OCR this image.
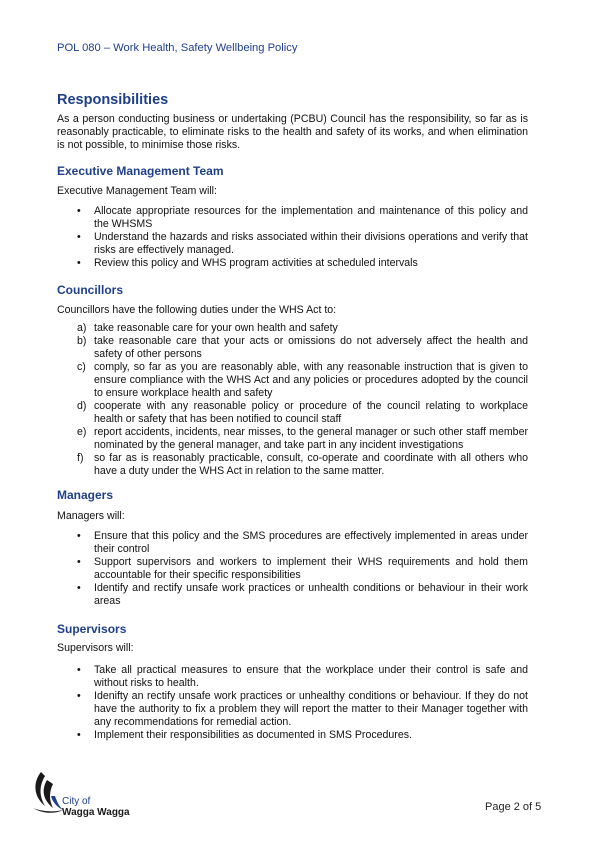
POL 080 – Work Health, Safety Wellbeing Policy
Responsibilities

As a person conducting business or undertaking (PCBU) Council has the responsibility, so far as is reasonably practicable, to eliminate risks to the health and safety of its works, and when elimination is not possible, to minimise those risks.

Executive Management Team

Executive Management Team will:

• Allocate appropriate resources for the implementation and maintenance of this policy and the WHSMS
• Understand the hazards and risks associated within their divisions operations and verify that risks are effectively managed.
• Review this policy and WHS program activities at scheduled intervals
Councillors

Councillors have the following duties under the WHS Act to:

a) take reasonable care for your own health and safety
b) take reasonable care that your acts or omissions do not adversely affect the health and safety of other persons
c) comply, so far as you are reasonably able, with any reasonable instruction that is given to ensure compliance with the WHS Act and any policies or procedures adopted by the council to ensure workplace health and safety
d) cooperate with any reasonable policy or procedure of the council relating to workplace health or safety that has been notified to council staff
e) report accidents, incidents, near misses, to the general manager or such other staff member nominated by the general manager, and take part in any incident investigations
f) so far as is reasonably practicable, consult, co-operate and coordinate with all others who have a duty under the WHS Act in relation to the same matter.
Managers

Managers will:

• Ensure that this policy and the SMS procedures are effectively implemented in areas under their control
• Support supervisors and workers to implement their WHS requirements and hold them accountable for their specific responsibilities
• Identify and rectify unsafe work practices or unhealth conditions or behaviour in their work areas
Supervisors

Supervisors will:

• Take all practical measures to ensure that the workplace under their control is safe and without risks to health.
• Idenifty an rectify unsafe work practices or unhealthy conditions or behaviour. If they do not have the authority to fix a problem they will report the matter to their Manager together with any recommendations for remedial action.
• Implement their responsibilities as documented in SMS Procedures.
City of
Wagga Wagga	Page 2 of 5
